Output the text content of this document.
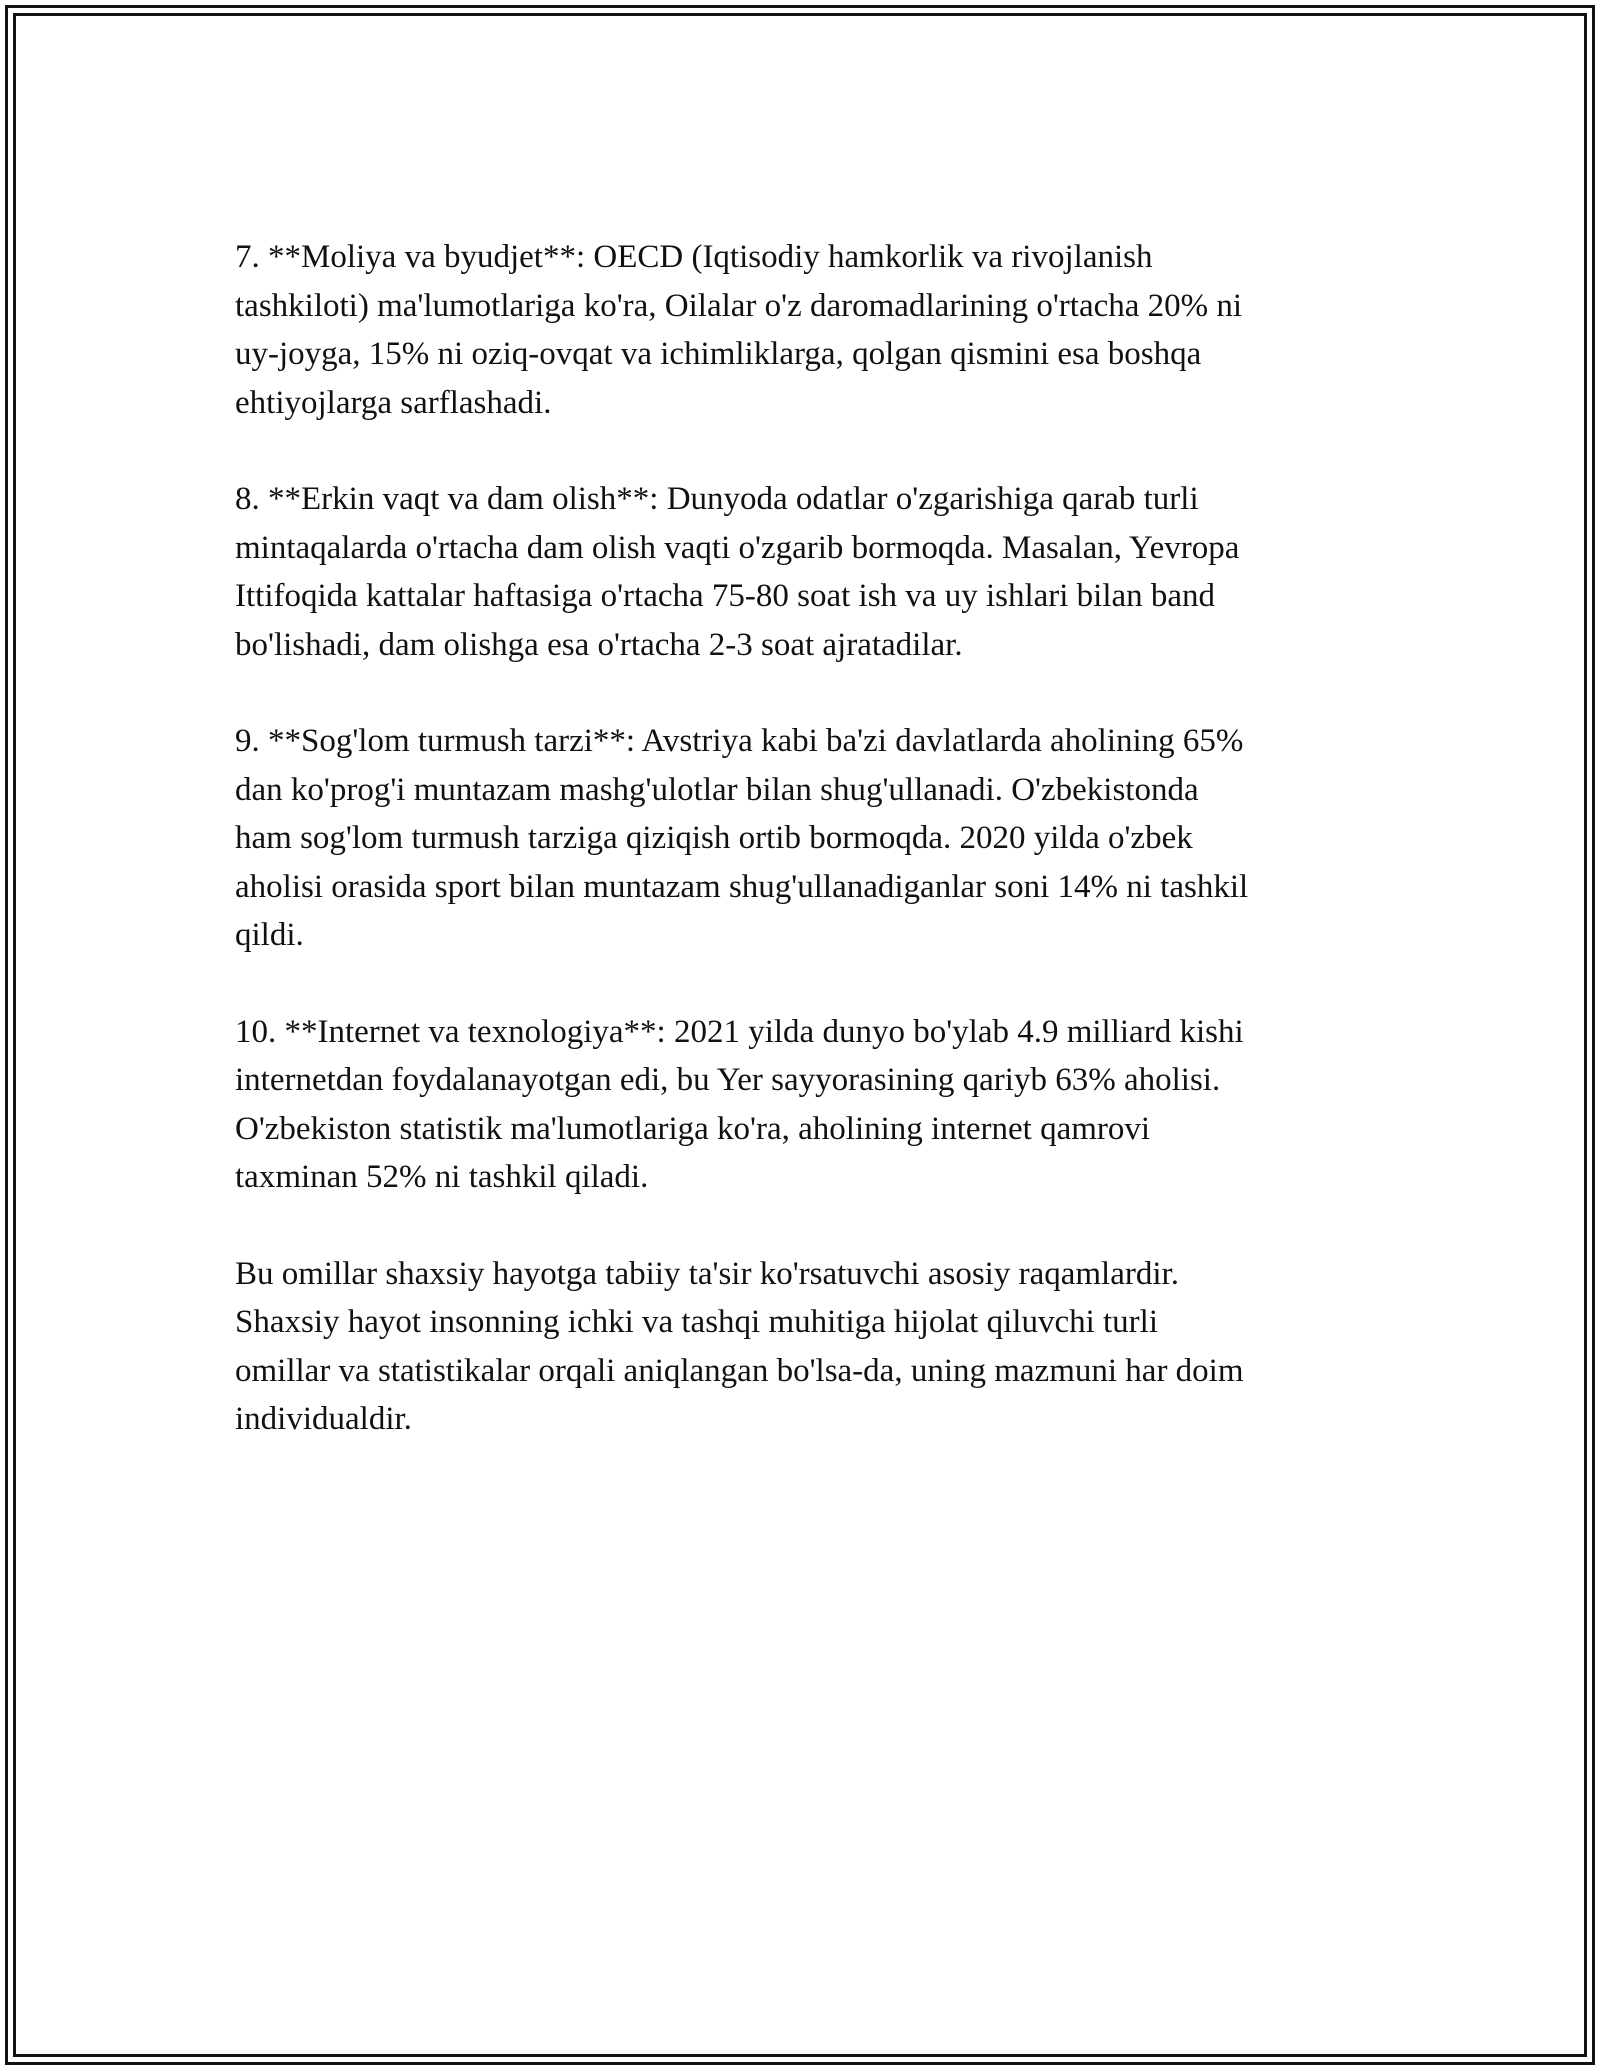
7. **Moliya va byudjet**: OECD (Iqtisodiy hamkorlik va rivojlanish
tashkiloti) ma'lumotlariga ko'ra, Oilalar o'z daromadlarining o'rtacha 20% ni
uy-joyga, 15% ni oziq-ovqat va ichimliklarga, qolgan qismini esa boshqa
ehtiyojlarga sarflashadi.

8. **Erkin vaqt va dam olish**: Dunyoda odatlar o'zgarishiga qarab turli
mintaqalarda o'rtacha dam olish vaqti o'zgarib bormoqda. Masalan, Yevropa
Ittifoqida kattalar haftasiga o'rtacha 75-80 soat ish va uy ishlari bilan band
bo'lishadi, dam olishga esa o'rtacha 2-3 soat ajratadilar.

9. **Sog'lom turmush tarzi**: Avstriya kabi ba'zi davlatlarda aholining 65%
dan ko'prog'i muntazam mashg'ulotlar bilan shug'ullanadi. O'zbekistonda
ham sog'lom turmush tarziga qiziqish ortib bormoqda. 2020 yilda o'zbek
aholisi orasida sport bilan muntazam shug'ullanadiganlar soni 14% ni tashkil
qildi.

10. **Internet va texnologiya**: 2021 yilda dunyo bo'ylab 4.9 milliard kishi
internetdan foydalanayotgan edi, bu Yer sayyorasining qariyb 63% aholisi.
O'zbekiston statistik ma'lumotlariga ko'ra, aholining internet qamrovi
taxminan 52% ni tashkil qiladi.

Bu omillar shaxsiy hayotga tabiiy ta'sir ko'rsatuvchi asosiy raqamlardir.
Shaxsiy hayot insonning ichki va tashqi muhitiga hijolat qiluvchi turli
omillar va statistikalar orqali aniqlangan bo'lsa-da, uning mazmuni har doim
individualdir.
